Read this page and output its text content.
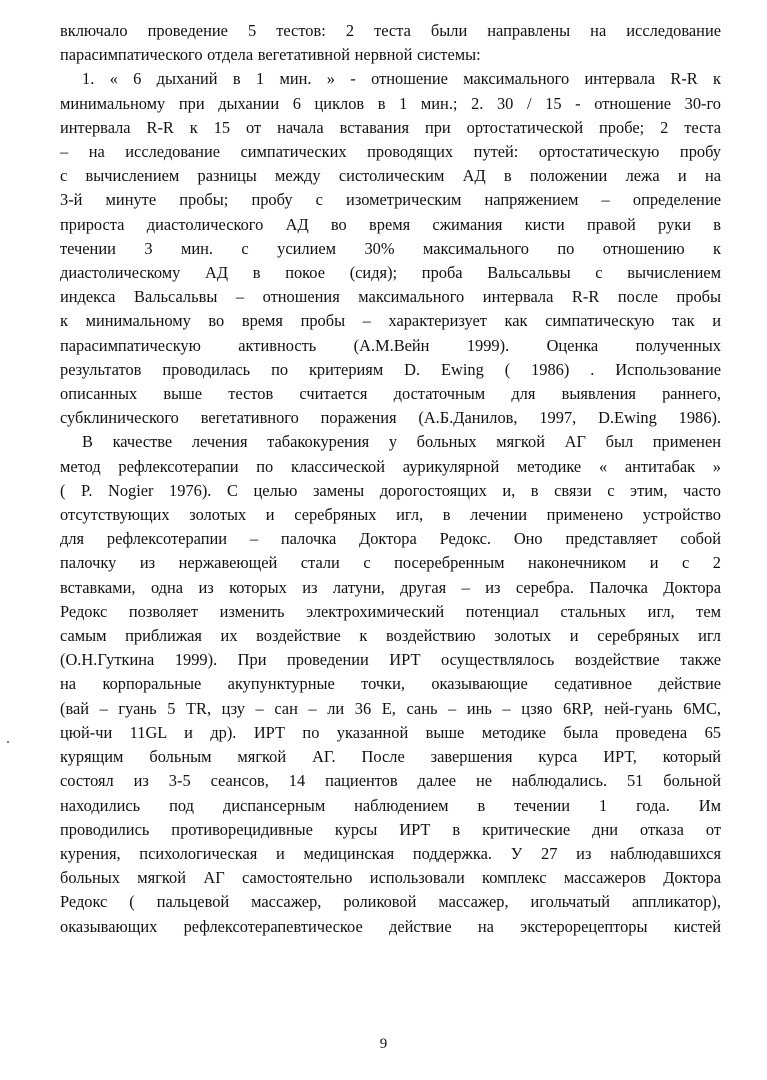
включало проведение 5 тестов: 2 теста были направлены на исследование
парасимпатического отдела вегетативной нервной системы:
1. « 6 дыханий в 1 мин. » - отношение максимального интервала R-R к
минимальному при дыхании 6 циклов в 1 мин.; 2. 30 / 15 - отношение 30-го
интервала R-R к 15 от начала вставания при ортостатической пробе; 2 теста
– на исследование симпатических проводящих путей: ортостатическую пробу
с вычислением разницы между систолическим АД в положении лежа и на
3-й минуте пробы; пробу с изометрическим напряжением – определение
прироста диастолического АД во время сжимания кисти правой руки в
течении 3 мин. с усилием 30% максимального по отношению к
диастолическому АД в покое (сидя); проба Вальсальвы с вычислением
индекса Вальсальвы – отношения максимального интервала R-R после пробы
к минимальному во время пробы – характеризует как симпатическую так и
парасимпатическую активность (А.М.Вейн 1999). Оценка полученных
результатов проводилась по критериям D. Ewing ( 1986) . Использование
описанных выше тестов считается достаточным для выявления раннего,
субклинического вегетативного поражения (А.Б.Данилов, 1997, D.Ewing 1986).
В качестве лечения табакокурения у больных мягкой АГ был применен
метод рефлексотерапии по классической аурикулярной методике « антитабак »
( P. Nogier 1976). С целью замены дорогостоящих и, в связи с этим, часто
отсутствующих золотых и серебряных игл, в лечении применено устройство
для рефлексотерапии – палочка Доктора Редокс. Оно представляет собой
палочку из нержавеющей стали с посеребренным наконечником и с 2
вставками, одна из которых из латуни, другая – из серебра. Палочка Доктора
Редокс позволяет изменить электрохимический потенциал стальных игл, тем
самым приближая их воздействие к воздействию золотых и серебряных игл
(О.Н.Гуткина 1999). При проведении ИРТ осуществлялось воздействие также
на корпоральные акупунктурные точки, оказывающие седативное действие
(вай – гуань 5 TR, цзу – сан – ли 36 E, сань – инь – цзяо 6RP, ней-гуань 6MC,
цюй-чи 11GL и др). ИРТ по указанной выше методике была проведена 65
курящим больным мягкой АГ. После завершения курса ИРТ, который
состоял из 3-5 сеансов, 14 пациентов далее не наблюдались. 51 больной
находились под диспансерным наблюдением в течении 1 года. Им
проводились противорецидивные курсы ИРТ в критические дни отказа от
курения, психологическая и медицинская поддержка. У 27 из наблюдавшихся
больных мягкой АГ самостоятельно использовали комплекс массажеров Доктора
Редокс ( пальцевой массажер, роликовой массажер, игольчатый аппликатор),
оказывающих рефлексотерапевтическое действие на экстерорецепторы кистей
9
